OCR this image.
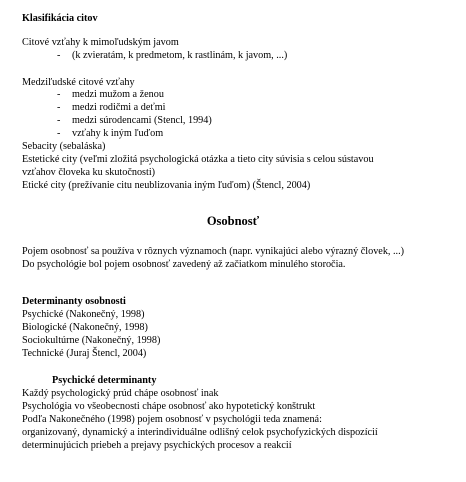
Klasifikácia citov
Citové vzťahy k mimoľudským javom
- (k zvieratám, k predmetom, k rastlinám, k javom, ...)
Medziľudské citové vzťahy
- medzi mužom a ženou
- medzi rodičmi a deťmi
- medzi súrodencami (Stencl, 1994)
- vzťahy k iným ľuďom
Sebacity (sebaláska)
Estetické city (veľmi zložitá psychologická otázka a tieto city súvisia s celou sústavou
vzťahov človeka ku skutočnosti)
Etické city (prežívanie citu neublizovania iným ľuďom) (Štencl, 2004)
Osobnosť
Pojem osobnosť sa používa v rôznych významoch (napr. vynikajúci alebo výrazný človek, ...)
Do psychológie bol pojem osobnosť zavedený až začiatkom minulého storočia.
Determinanty osobnosti
Psychické (Nakonečný, 1998)
Biologické (Nakonečný, 1998)
Sociokultúrne (Nakonečný, 1998)
Technické (Juraj Štencl, 2004)
Psychické determinanty
Každý psychologický prúd chápe osobnosť inak
Psychológia vo všeobecnosti chápe osobnosť ako hypotetický konštrukt
Podľa Nakonečného (1998) pojem osobnosť v psychológii teda znamená:
organizovaný, dynamický a interindividuálne odlišný celok psychofyzických dispozícií
determinujúcich priebeh a prejavy psychických procesov a reakcií
